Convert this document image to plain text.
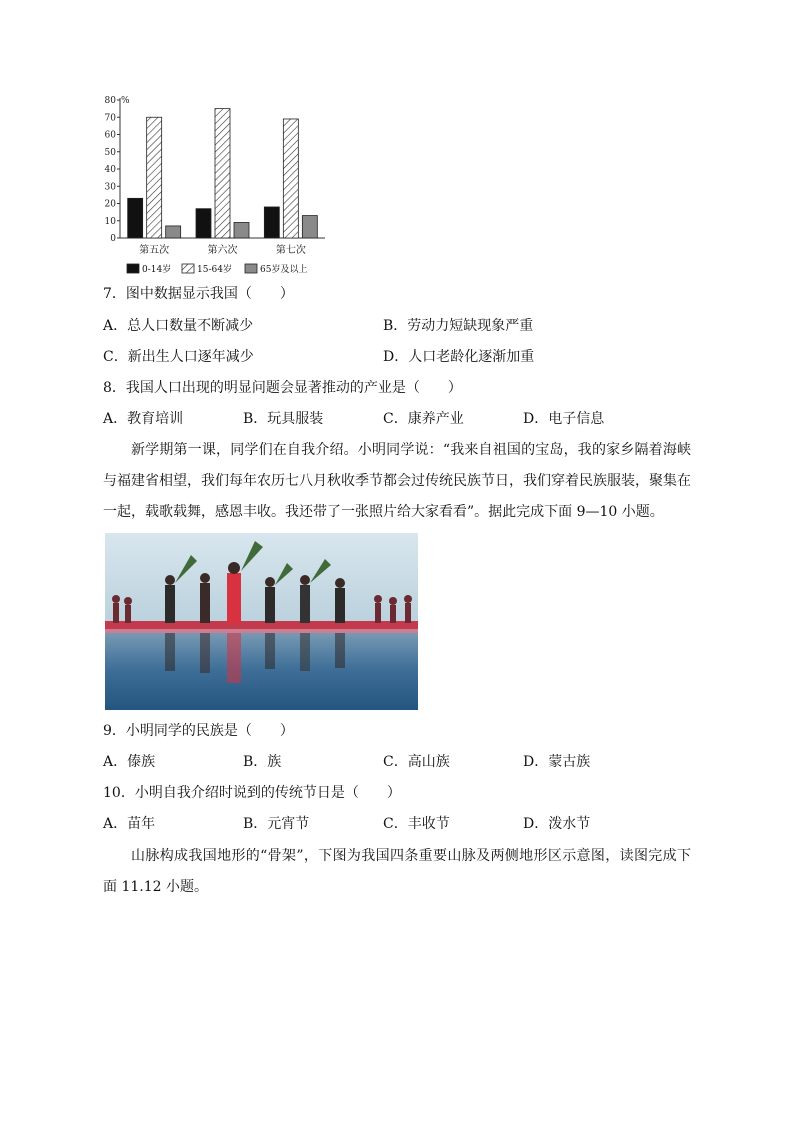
0
10
20
30
40
50
60
70
80 %
第五次	第六次	第七次
0-14岁	15-64岁	65岁及以上
7．图中数据显示我国（　　）
A．总人口数量不断减少	B．劳动力短缺现象严重
C．新出生人口逐年减少	D．人口老龄化逐渐加重
8．我国人口出现的明显问题会显著推动的产业是（　　）
A．教育培训	B．玩具服装	C．康养产业	D．电子信息
新学期第一课，同学们在自我介绍。小明同学说：“我来自祖国的宝岛，我的家乡隔着海峡与福建省相望，我们每年农历七八月秋收季节都会过传统民族节日，我们穿着民族服装，聚集在一起，载歌载舞，感恩丰收。我还带了一张照片给大家看看”。据此完成下面 9—10 小题。
9．小明同学的民族是（　　）
A．傣族	B．族	C．高山族	D．蒙古族
10．小明自我介绍时说到的传统节日是（　　）
A．苗年	B．元宵节	C．丰收节	D．泼水节
山脉构成我国地形的“骨架”，下图为我国四条重要山脉及两侧地形区示意图，读图完成下面 11.12 小题。
